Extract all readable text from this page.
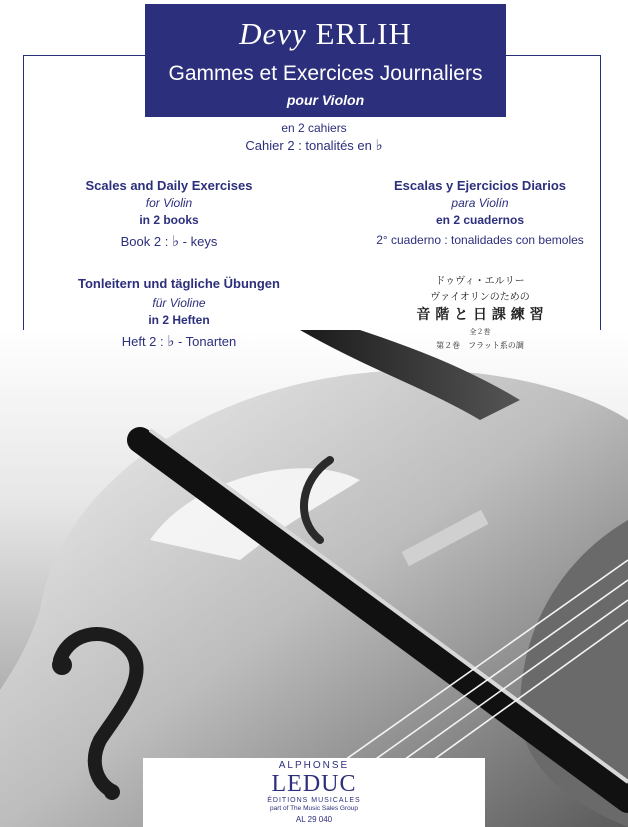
Devy ERLIH
Gammes et Exercices Journaliers
pour Violon
en 2 cahiers
Cahier 2 : tonalités en ♭
Scales and Daily Exercises
for Violin
in 2 books
Book 2 : ♭ - keys
Escalas y Ejercicios Diarios
para Violín
en 2 cuadernos
2° cuaderno : tonalidades con bemoles
Tonleitern und tägliche Übungen
für Violine
in 2 Heften
Heft 2 : ♭ - Tonarten
ドゥヴィ・エルリー
ヴァイオリンのための
音 階 と 日 課 練 習
全２巻
第２巻　フラット系の調
ALPHONSE
LEDUC
ÉDITIONS MUSICALES
part of The Music Sales Group
AL 29 040
